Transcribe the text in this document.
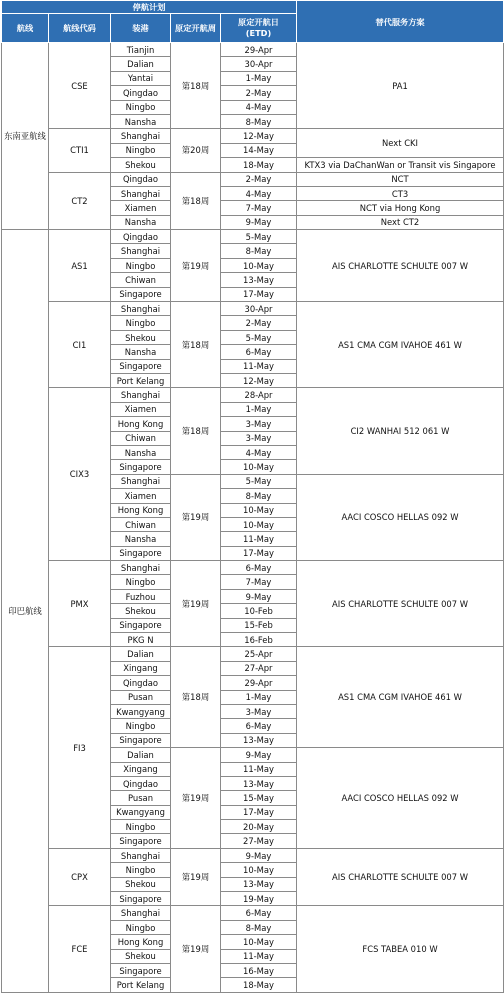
停航计划					替代服务方案
航线	航线代码	装港	原定开航周	原定开航日
(ETD)	

东南亚航线	CSE	Tianjin	第18周	29-Apr	PA1
		Dalian		30-Apr	
		Yantai		1-May	
		Qingdao		2-May	
		Ningbo		4-May	
		Nansha		8-May	
	CTI1	Shanghai	第20周	12-May	Next CKI
		Ningbo		14-May	
		Shekou		18-May	KTX3 via DaChanWan or Transit vis Singapore
	CT2	Qingdao	第18周	2-May	NCT
		Shanghai		4-May	CT3
		Xiamen		7-May	NCT via Hong Kong
		Nansha		9-May	Next CT2
印巴航线	AS1	Qingdao	第19周	5-May	AIS CHARLOTTE SCHULTE 007 W
		Shanghai		8-May	
		Ningbo		10-May	
		Chiwan		13-May	
		Singapore		17-May	
	CI1	Shanghai	第18周	30-Apr	AS1 CMA CGM IVAHOE 461 W
		Ningbo		2-May	
		Shekou		5-May	
		Nansha		6-May	
		Singapore		11-May	
		Port Kelang		12-May	
	CIX3	Shanghai	第18周	28-Apr	CI2 WANHAI 512 061 W
		Xiamen		1-May	
		Hong Kong		3-May	
		Chiwan		3-May	
		Nansha		4-May	
		Singapore		10-May	
		Shanghai	第19周	5-May	AACI COSCO HELLAS 092 W
		Xiamen		8-May	
		Hong Kong		10-May	
		Chiwan		10-May	
		Nansha		11-May	
		Singapore		17-May	
	PMX	Shanghai	第19周	6-May	AIS CHARLOTTE SCHULTE 007 W
		Ningbo		7-May	
		Fuzhou		9-May	
		Shekou		10-Feb	
		Singapore		15-Feb	
		PKG N		16-Feb	
	FI3	Dalian	第18周	25-Apr	AS1 CMA CGM IVAHOE 461 W
		Xingang		27-Apr	
		Qingdao		29-Apr	
		Pusan		1-May	
		Kwangyang		3-May	
		Ningbo		6-May	
		Singapore		13-May	
		Dalian	第19周	9-May	AACI COSCO HELLAS 092 W
		Xingang		11-May	
		Qingdao		13-May	
		Pusan		15-May	
		Kwangyang		17-May	
		Ningbo		20-May	
		Singapore		27-May	
	CPX	Shanghai	第19周	9-May	AIS CHARLOTTE SCHULTE 007 W
		Ningbo		10-May	
		Shekou		13-May	
		Singapore		19-May	
	FCE	Shanghai	第19周	6-May	FCS TABEA 010 W
		Ningbo		8-May	
		Hong Kong		10-May	
		Shekou		11-May	
		Singapore		16-May	
		Port Kelang		18-May	
